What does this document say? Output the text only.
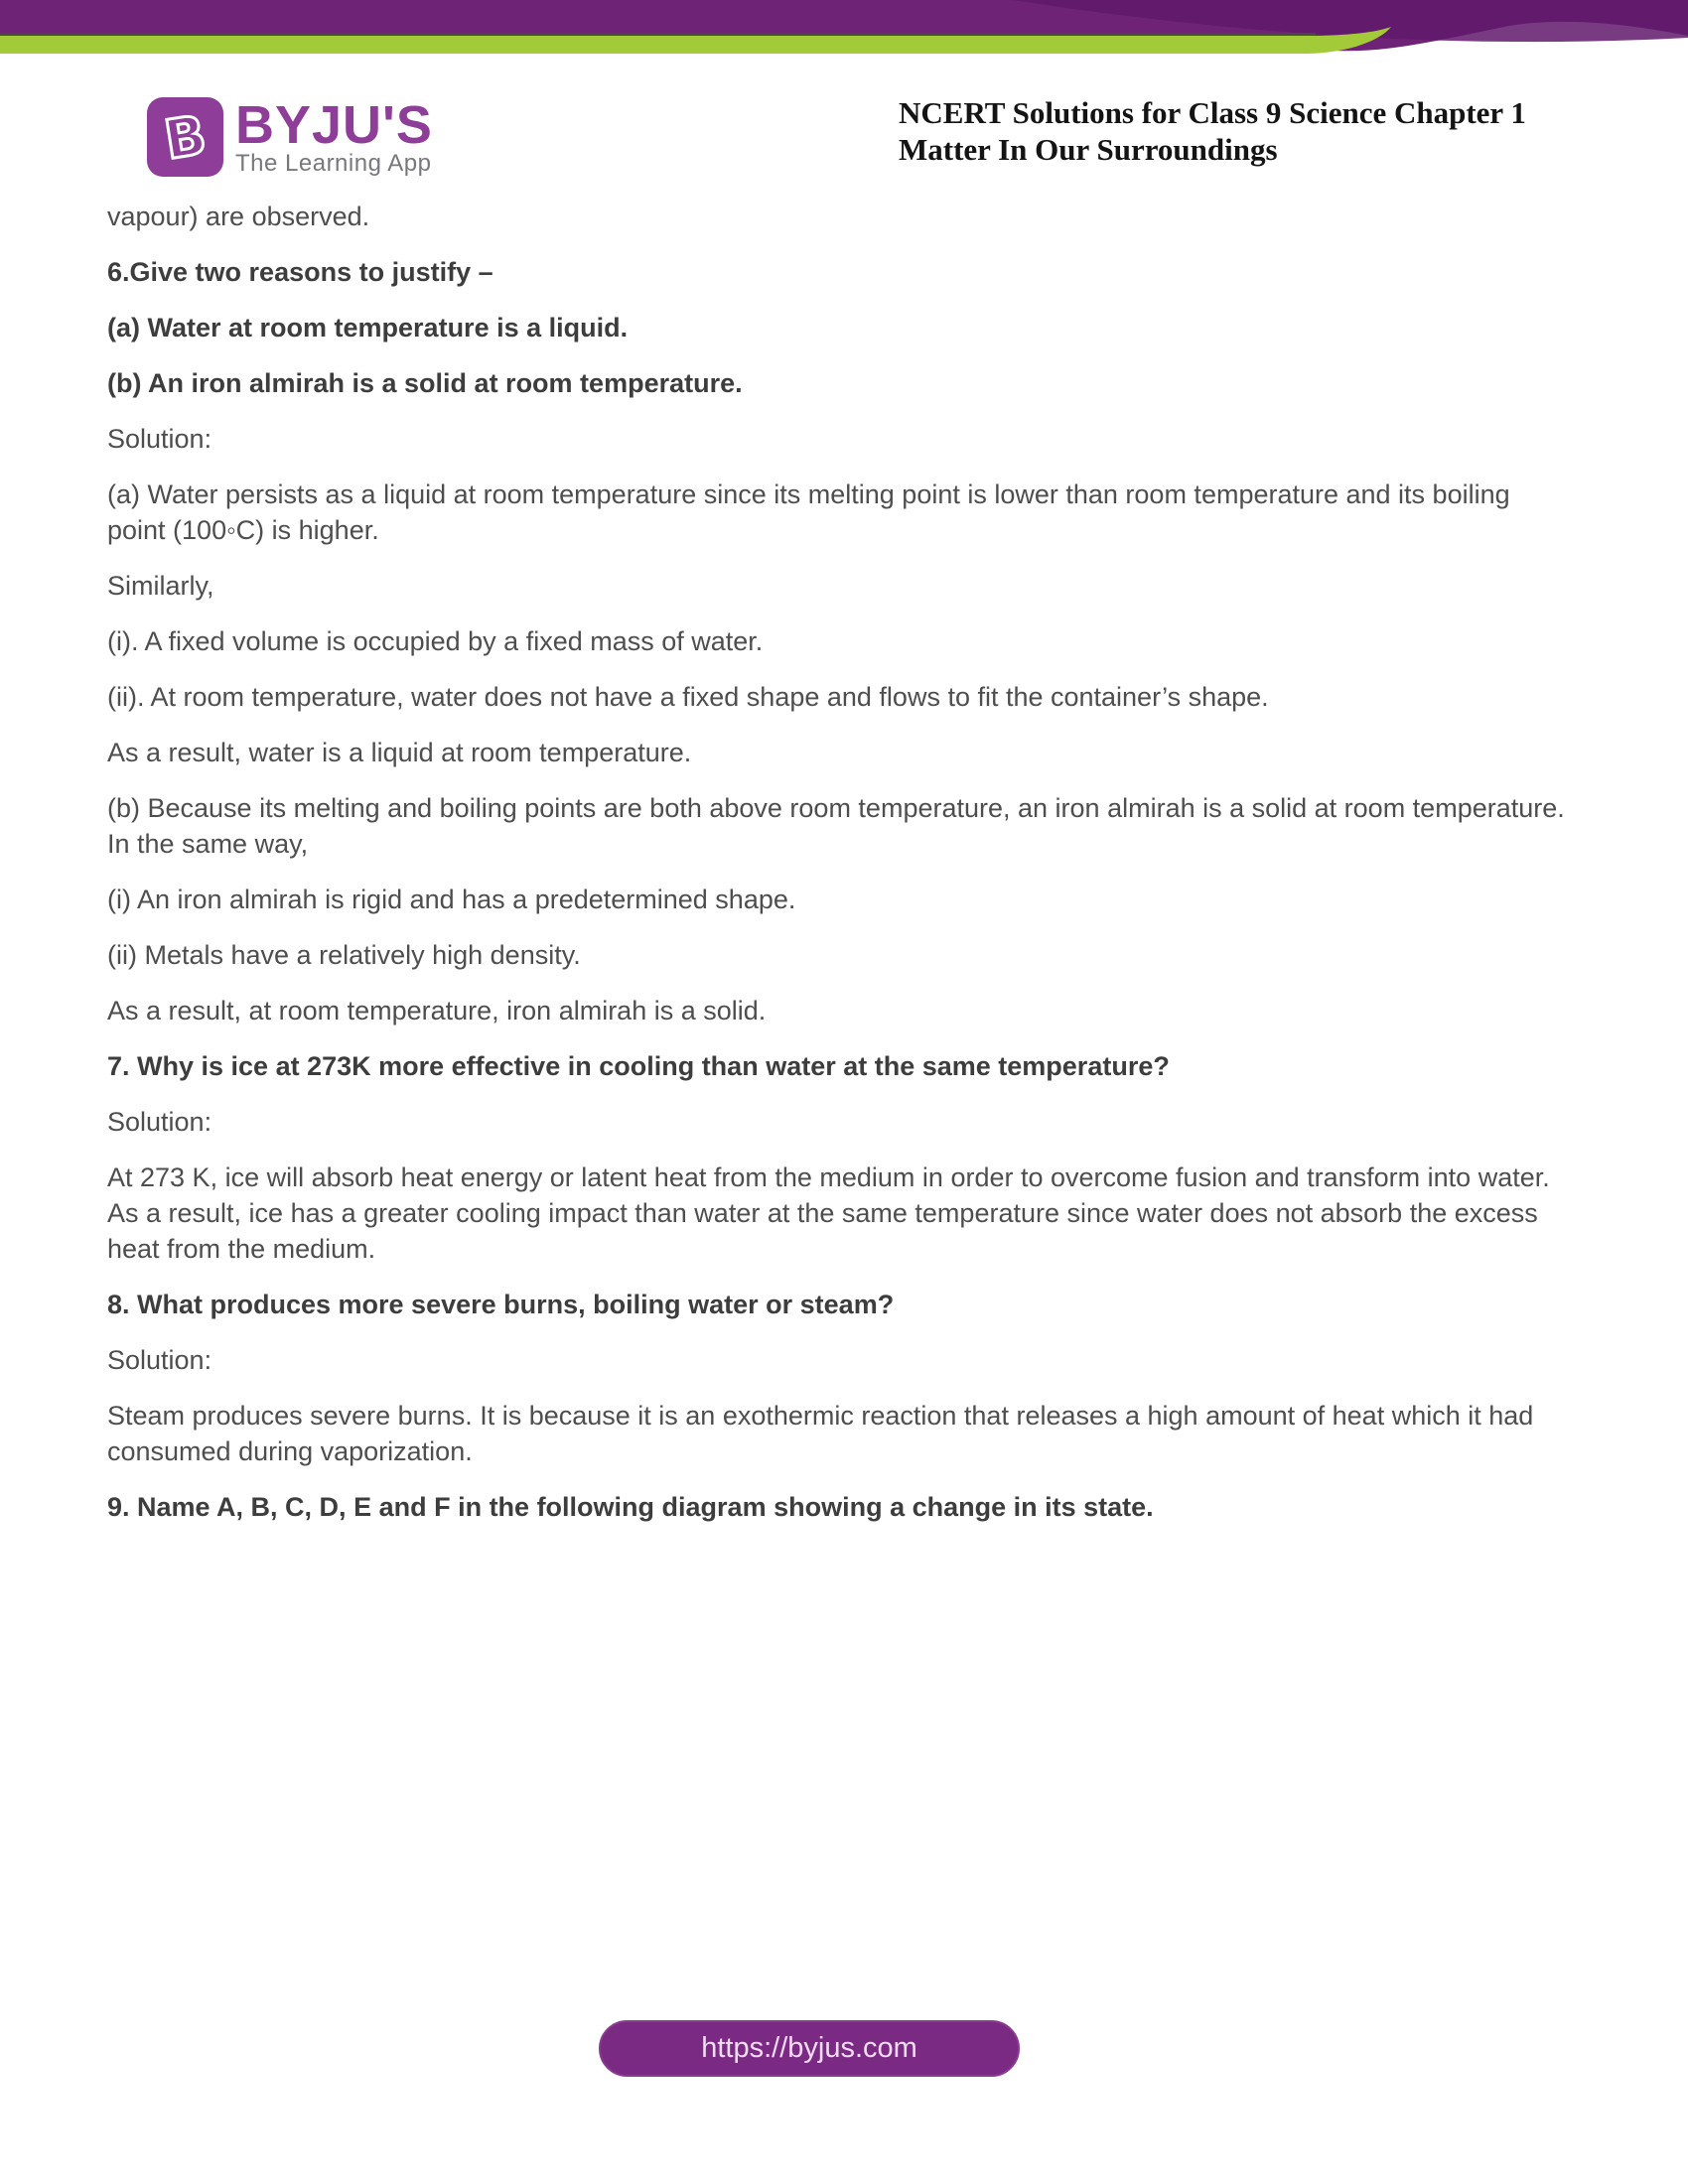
B BYJU'S
The Learning App
NCERT Solutions for Class 9 Science Chapter 1
Matter In Our Surroundings

vapour) are observed.

6.Give two reasons to justify –

(a) Water at room temperature is a liquid.

(b) An iron almirah is a solid at room temperature.

Solution:

(a) Water persists as a liquid at room temperature since its melting point is lower than room temperature and its boiling point (100◦C) is higher.

Similarly,

(i). A fixed volume is occupied by a fixed mass of water.

(ii). At room temperature, water does not have a fixed shape and flows to fit the container’s shape.

As a result, water is a liquid at room temperature.

(b) Because its melting and boiling points are both above room temperature, an iron almirah is a solid at room temperature. In the same way,

(i) An iron almirah is rigid and has a predetermined shape.

(ii) Metals have a relatively high density.

As a result, at room temperature, iron almirah is a solid.

7. Why is ice at 273K more effective in cooling than water at the same temperature?

Solution:

At 273 K, ice will absorb heat energy or latent heat from the medium in order to overcome fusion and transform into water. As a result, ice has a greater cooling impact than water at the same temperature since water does not absorb the excess heat from the medium.

8. What produces more severe burns, boiling water or steam?

Solution:

Steam produces severe burns. It is because it is an exothermic reaction that releases a high amount of heat which it had consumed during vaporization.

9. Name A, B, C, D, E and F in the following diagram showing a change in its state.

https://byjus.com
